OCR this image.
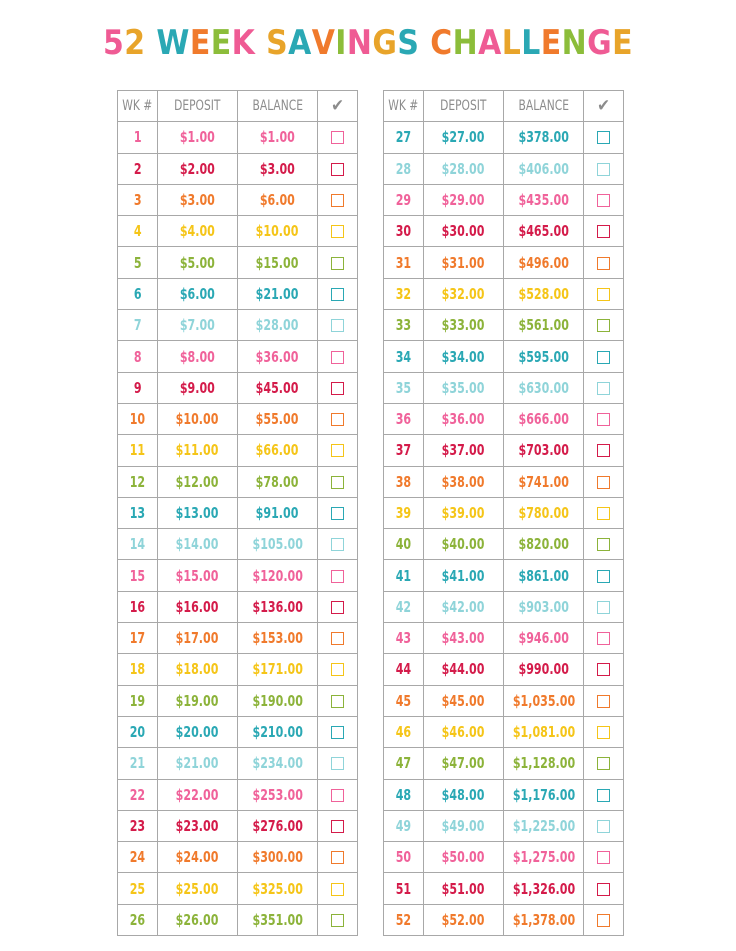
52 WEEK SAVINGS CHALLENGE
WK #	DEPOSIT	BALANCE	✔
1	$1.00	$1.00	
2	$2.00	$3.00	
3	$3.00	$6.00	
4	$4.00	$10.00	
5	$5.00	$15.00	
6	$6.00	$21.00	
7	$7.00	$28.00	
8	$8.00	$36.00	
9	$9.00	$45.00	
10	$10.00	$55.00	
11	$11.00	$66.00	
12	$12.00	$78.00	
13	$13.00	$91.00	
14	$14.00	$105.00	
15	$15.00	$120.00	
16	$16.00	$136.00	
17	$17.00	$153.00	
18	$18.00	$171.00	
19	$19.00	$190.00	
20	$20.00	$210.00	
21	$21.00	$234.00	
22	$22.00	$253.00	
23	$23.00	$276.00	
24	$24.00	$300.00	
25	$25.00	$325.00	
26	$26.00	$351.00	
WK #	DEPOSIT	BALANCE	✔
27	$27.00	$378.00	
28	$28.00	$406.00	
29	$29.00	$435.00	
30	$30.00	$465.00	
31	$31.00	$496.00	
32	$32.00	$528.00	
33	$33.00	$561.00	
34	$34.00	$595.00	
35	$35.00	$630.00	
36	$36.00	$666.00	
37	$37.00	$703.00	
38	$38.00	$741.00	
39	$39.00	$780.00	
40	$40.00	$820.00	
41	$41.00	$861.00	
42	$42.00	$903.00	
43	$43.00	$946.00	
44	$44.00	$990.00	
45	$45.00	$1,035.00	
46	$46.00	$1,081.00	
47	$47.00	$1,128.00	
48	$48.00	$1,176.00	
49	$49.00	$1,225.00	
50	$50.00	$1,275.00	
51	$51.00	$1,326.00	
52	$52.00	$1,378.00	
